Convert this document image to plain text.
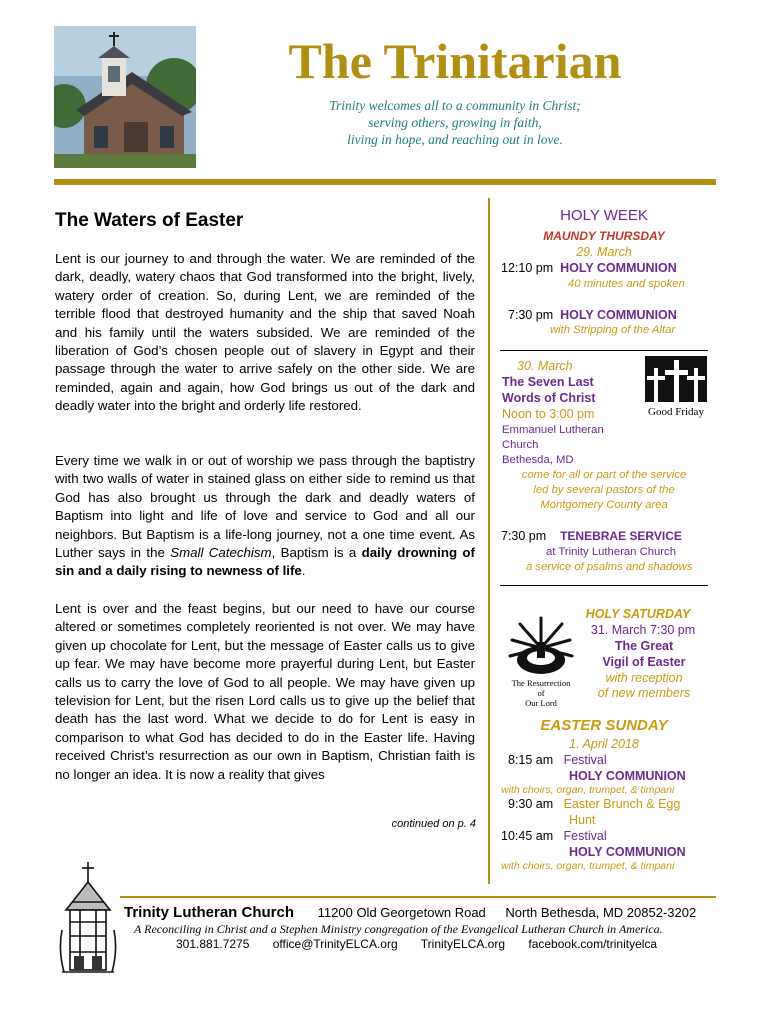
The Trinitarian
Trinity welcomes all to a community in Christ;
serving others, growing in faith,
living in hope, and reaching out in love.
The Waters of Easter
Lent is our journey to and through the water. We are reminded of the dark, deadly, watery chaos that God transformed into the bright, lively, watery order of creation. So, during Lent, we are reminded of the terrible flood that destroyed humanity and the ship that saved Noah and his family until the waters subsided. We are reminded of the liberation of God’s chosen people out of slavery in Egypt and their passage through the water to arrive safely on the other side. We are reminded, again and again, how God brings us out of the dark and deadly water into the bright and orderly life restored.
Every time we walk in or out of worship we pass through the baptistry with two walls of water in stained glass on either side to remind us that God has also brought us through the dark and deadly waters of Baptism into light and life of love and service to God and all our neighbors. But Baptism is a life-long journey, not a one time event. As Luther says in the Small Catechism, Baptism is a daily drowning of sin and a daily rising to newness of life.
Lent is over and the feast begins, but our need to have our course altered or sometimes completely reoriented is not over. We may have given up chocolate for Lent, but the message of Easter calls us to give up fear. We may have become more prayerful during Lent, but Easter calls us to carry the love of God to all people. We may have given up television for Lent, but the risen Lord calls us to give up the belief that death has the last word. What we decide to do for Lent is easy in comparison to what God has decided to do in the Easter life. Having received Christ’s resurrection as our own in Baptism, Christian faith is no longer an idea. It is now a reality that gives
continued on p. 4
HOLY WEEK
MAUNDY THURSDAY
29. March
12:10 pm HOLY COMMUNION
40 minutes and spoken
7:30 pm HOLY COMMUNION
with Stripping of the Altar
30. March
The Seven Last
Words of Christ
Noon to 3:00 pm
Emmanuel Lutheran
Church
Bethesda, MD
come for all or part of the service
led by several pastors of the
Montgomery County area
Good Friday
7:30 pm TENEBRAE SERVICE
at Trinity Lutheran Church
a service of psalms and shadows
The Resurrection of
Our Lord
HOLY SATURDAY
31. March 7:30 pm
The Great
Vigil of Easter
with reception
of new members
EASTER SUNDAY
1. April 2018
8:15 am Festival
HOLY COMMUNION
with choirs, organ, trumpet, & timpani
9:30 am Easter Brunch & Egg
Hunt
10:45 am Festival
HOLY COMMUNION
with choirs, organ, trumpet, & timpani
Trinity Lutheran Church 11200 Old Georgetown Road North Bethesda, MD 20852-3202
A Reconciling in Christ and a Stephen Ministry congregation of the Evangelical Lutheran Church in America.
301.881.7275 office@TrinityELCA.org TrinityELCA.org facebook.com/trinityelca
